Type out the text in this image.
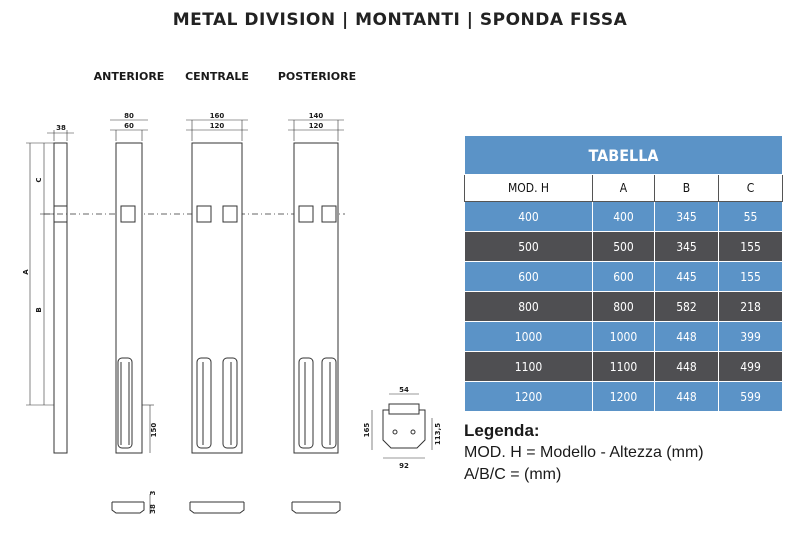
METAL DIVISION | MONTANTI | SPONDA FISSA
ANTERIORE CENTRALE	POSTERIORE
38
A
C
B
80
60
160
120
140
120
150
54
165	113,5
92
3
38
TABELLA			
MOD. H	A	B	C
400	400	345	55
500	500	345	155
600	600	445	155
800	800	582	218
1000	1000	448	399
1100	1100	448	499
1200	1200	448	599
Legenda:
MOD. H = Modello - Altezza (mm)
A/B/C = (mm)
